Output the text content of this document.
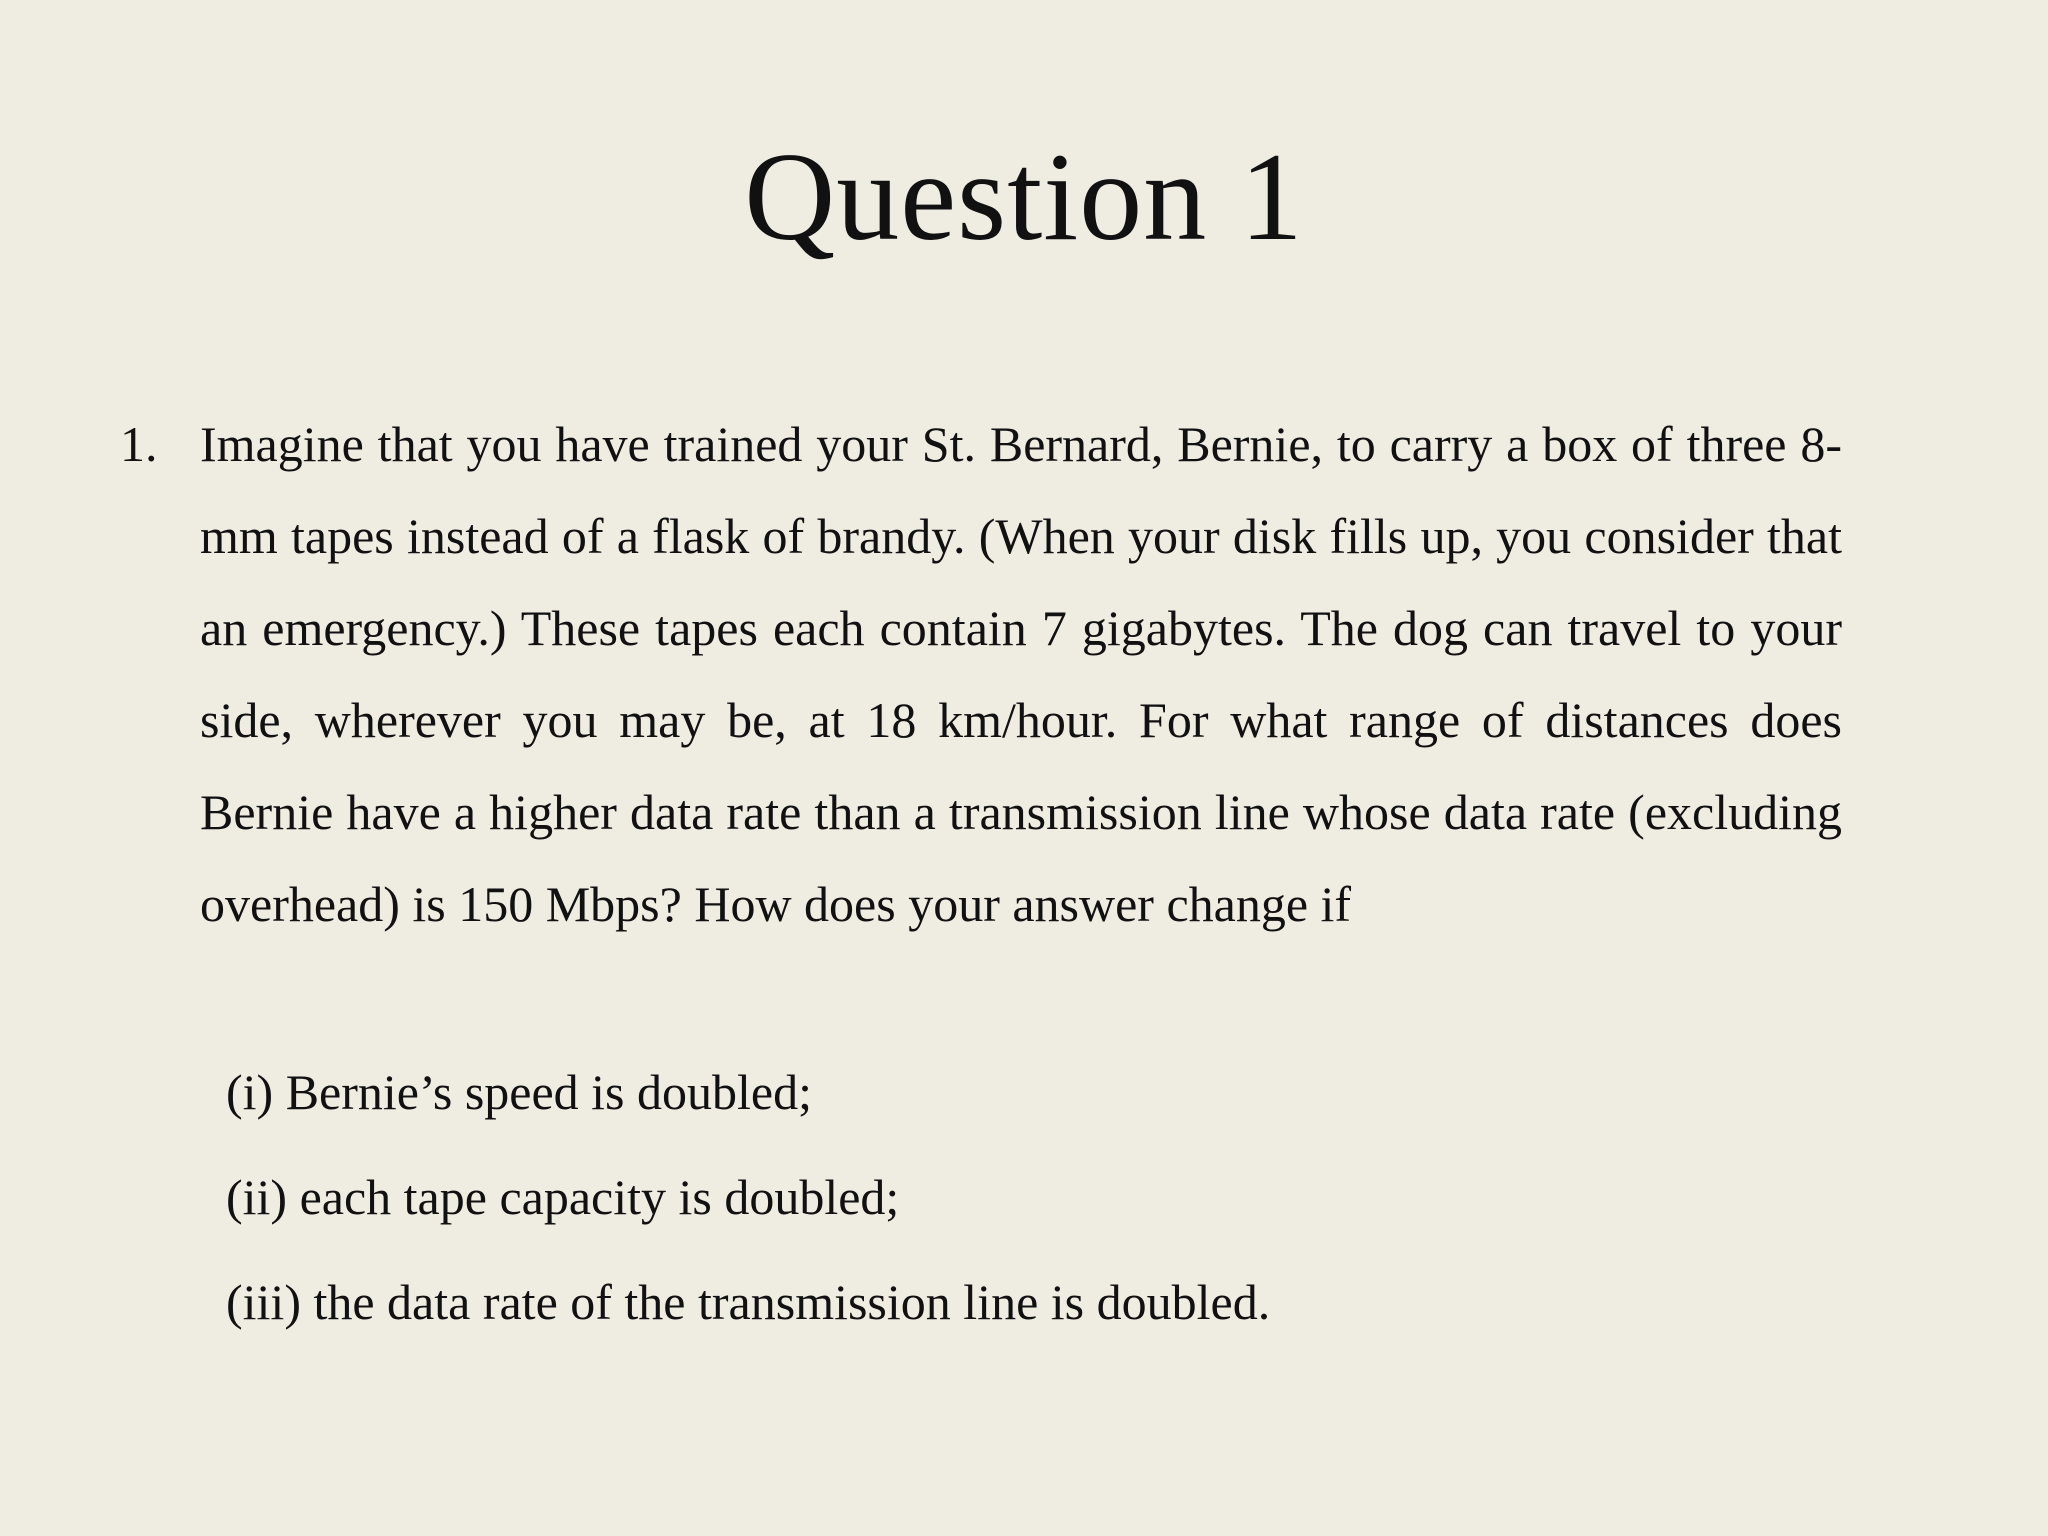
Question 1
1. Imagine that you have trained your St. Bernard, Bernie, to carry a box of three 8-mm tapes instead of a flask of brandy. (When your disk fills up, you consider that an emergency.) These tapes each contain 7 gigabytes. The dog can travel to your side, wherever you may be, at 18 km/hour. For what range of distances does Bernie have a higher data rate than a transmission line whose data rate (excluding overhead) is 150 Mbps? How does your answer change if

(i) Bernie’s speed is doubled;
(ii) each tape capacity is doubled;
(iii) the data rate of the transmission line is doubled.
